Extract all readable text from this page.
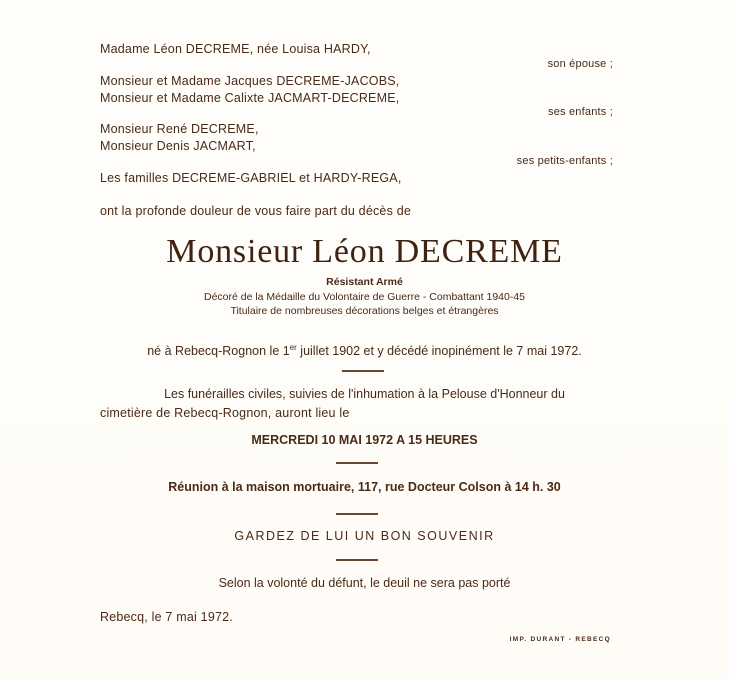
Madame Léon DECREME, née Louisa HARDY,
son épouse ;
Monsieur et Madame Jacques DECREME-JACOBS,
Monsieur et Madame Calixte JACMART-DECREME,
ses enfants ;
Monsieur René DECREME,
Monsieur Denis JACMART,
ses petits-enfants ;
Les familles DECREME-GABRIEL et HARDY-REGA,
ont la profonde douleur de vous faire part du décès de
Monsieur Léon DECREME
Résistant Armé
Décoré de la Médaille du Volontaire de Guerre - Combattant 1940-45
Titulaire de nombreuses décorations belges et étrangères
né à Rebecq-Rognon le 1er juillet 1902 et y décédé inopinément le 7 mai 1972.
Les funérailles civiles, suivies de l'inhumation à la Pelouse d'Honneur du
cimetière de Rebecq-Rognon, auront lieu le
MERCREDI 10 MAI 1972 A 15 HEURES
Réunion à la maison mortuaire, 117, rue Docteur Colson à 14 h. 30
GARDEZ DE LUI UN BON SOUVENIR
Selon la volonté du défunt, le deuil ne sera pas porté
Rebecq, le 7 mai 1972.
IMP. DURANT - REBECQ
